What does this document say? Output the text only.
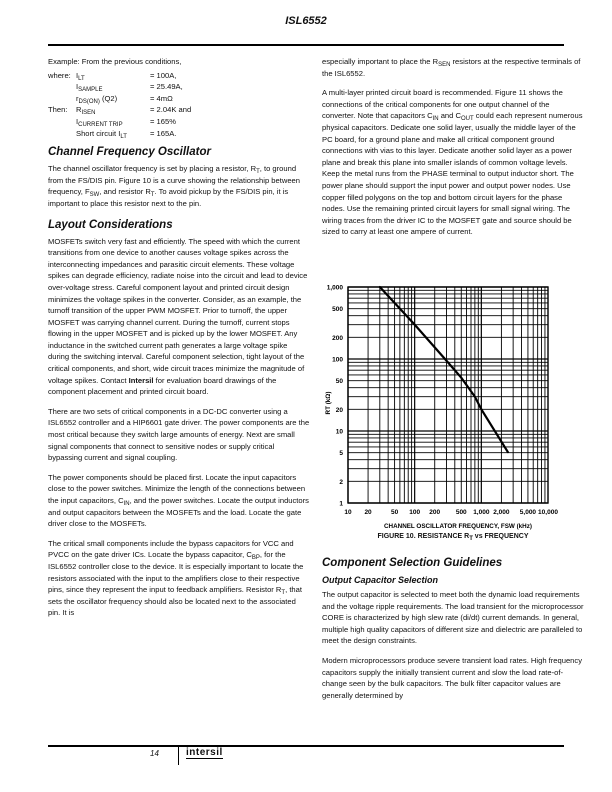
ISL6552

Example: From the previous conditions,

where: $I_{LT}$	= 100A,
$I_{SAMPLE}$	= 25.49A,
$r_{DS(ON)}$ (Q2)	= 4mΩ
Then:	$R_{ISEN}$	= 2.04K and
$I_{CURRENT TRIP}$	= 165%
Short circuit $I_{LT}$	= 165A.
Channel Frequency Oscillator

The channel oscillator frequency is set by placing a resistor, $R_T$, to ground from the FS/DIS pin. Figure 10 is a curve showing the relationship between frequency, $F_{SW}$, and resistor $R_T$. To avoid pickup by the FS/DIS pin, it is important to place this resistor next to the pin.

Layout Considerations

MOSFETs switch very fast and efficiently. The speed with which the current transitions from one device to another causes voltage spikes across the interconnecting impedances and parasitic circuit elements. These voltage spikes can degrade efficiency, radiate noise into the circuit and lead to device over-voltage stress. Careful component layout and printed circuit design minimizes the voltage spikes in the converter. Consider, as an example, the turnoff transition of the upper PWM MOSFET. Prior to turnoff, the upper MOSFET was carrying channel current. During the turnoff, current stops flowing in the upper MOSFET and is picked up by the lower MOSFET. Any inductance in the switched current path generates a large voltage spike during the switching interval. Careful component selection, tight layout of the critical components, and short, wide circuit traces minimize the magnitude of voltage spikes. Contact Intersil for evaluation board drawings of the component placement and printed circuit board.

There are two sets of critical components in a DC-DC converter using a ISL6552 controller and a HIP6601 gate driver. The power components are the most critical because they switch large amounts of energy. Next are small signal components that connect to sensitive nodes or supply critical bypassing current and signal coupling.

The power components should be placed first. Locate the input capacitors close to the power switches. Minimize the length of the connections between the input capacitors, $C_{IN}$, and the power switches. Locate the output inductors and output capacitors between the MOSFETs and the load. Locate the gate driver close to the MOSFETs.

The critical small components include the bypass capacitors for VCC and PVCC on the gate driver ICs. Locate the bypass capacitor, $C_{BP}$, for the ISL6552 controller close to the device. It is especially important to locate the resistors associated with the input to the amplifiers close to their respective pins, since they represent the input to feedback amplifiers. Resistor $R_T$, that sets the oscillator frequency should also be located next to the associated pin. It is

especially important to place the $R_{SEN}$ resistors at the respective terminals of the ISL6552.

A multi-layer printed circuit board is recommended. Figure 11 shows the connections of the critical components for one output channel of the converter. Note that capacitors $C_{IN}$ and $C_{OUT}$ could each represent numerous physical capacitors. Dedicate one solid layer, usually the middle layer of the PC board, for a ground plane and make all critical component ground connections with vias to this layer. Dedicate another solid layer as a power plane and break this plane into smaller islands of common voltage levels. Keep the metal runs from the PHASE terminal to output inductor short. The power plane should support the input power and output power nodes. Use copper filled polygons on the top and bottom circuit layers for the phase nodes. Use the remaining printed circuit layers for small signal wiring. The wiring traces from the driver IC to the MOSFET gate and source should be sized to carry at least one ampere of current.

1
2
5
10
20
50
100
200
500
1,000
10 20	50 100 200 500 1,000 2,000 5,000 10,000
CHANNEL OSCILLATOR FREQUENCY, FSW (kHz)
RT (kΩ)
FIGURE 10. RESISTANCE $R_T$ vs FREQUENCY
Component Selection Guidelines
Output Capacitor Selection

The output capacitor is selected to meet both the dynamic load requirements and the voltage ripple requirements. The load transient for the microprocessor CORE is characterized by high slew rate (di/dt) current demands. In general, multiple high quality capacitors of different size and dielectric are paralleled to meet the design constraints.

Modern microprocessors produce severe transient load rates. High frequency capacitors supply the initially transient current and slow the load rate-of-change seen by the bulk capacitors. The bulk filter capacitor values are generally determined by

14	intersil
